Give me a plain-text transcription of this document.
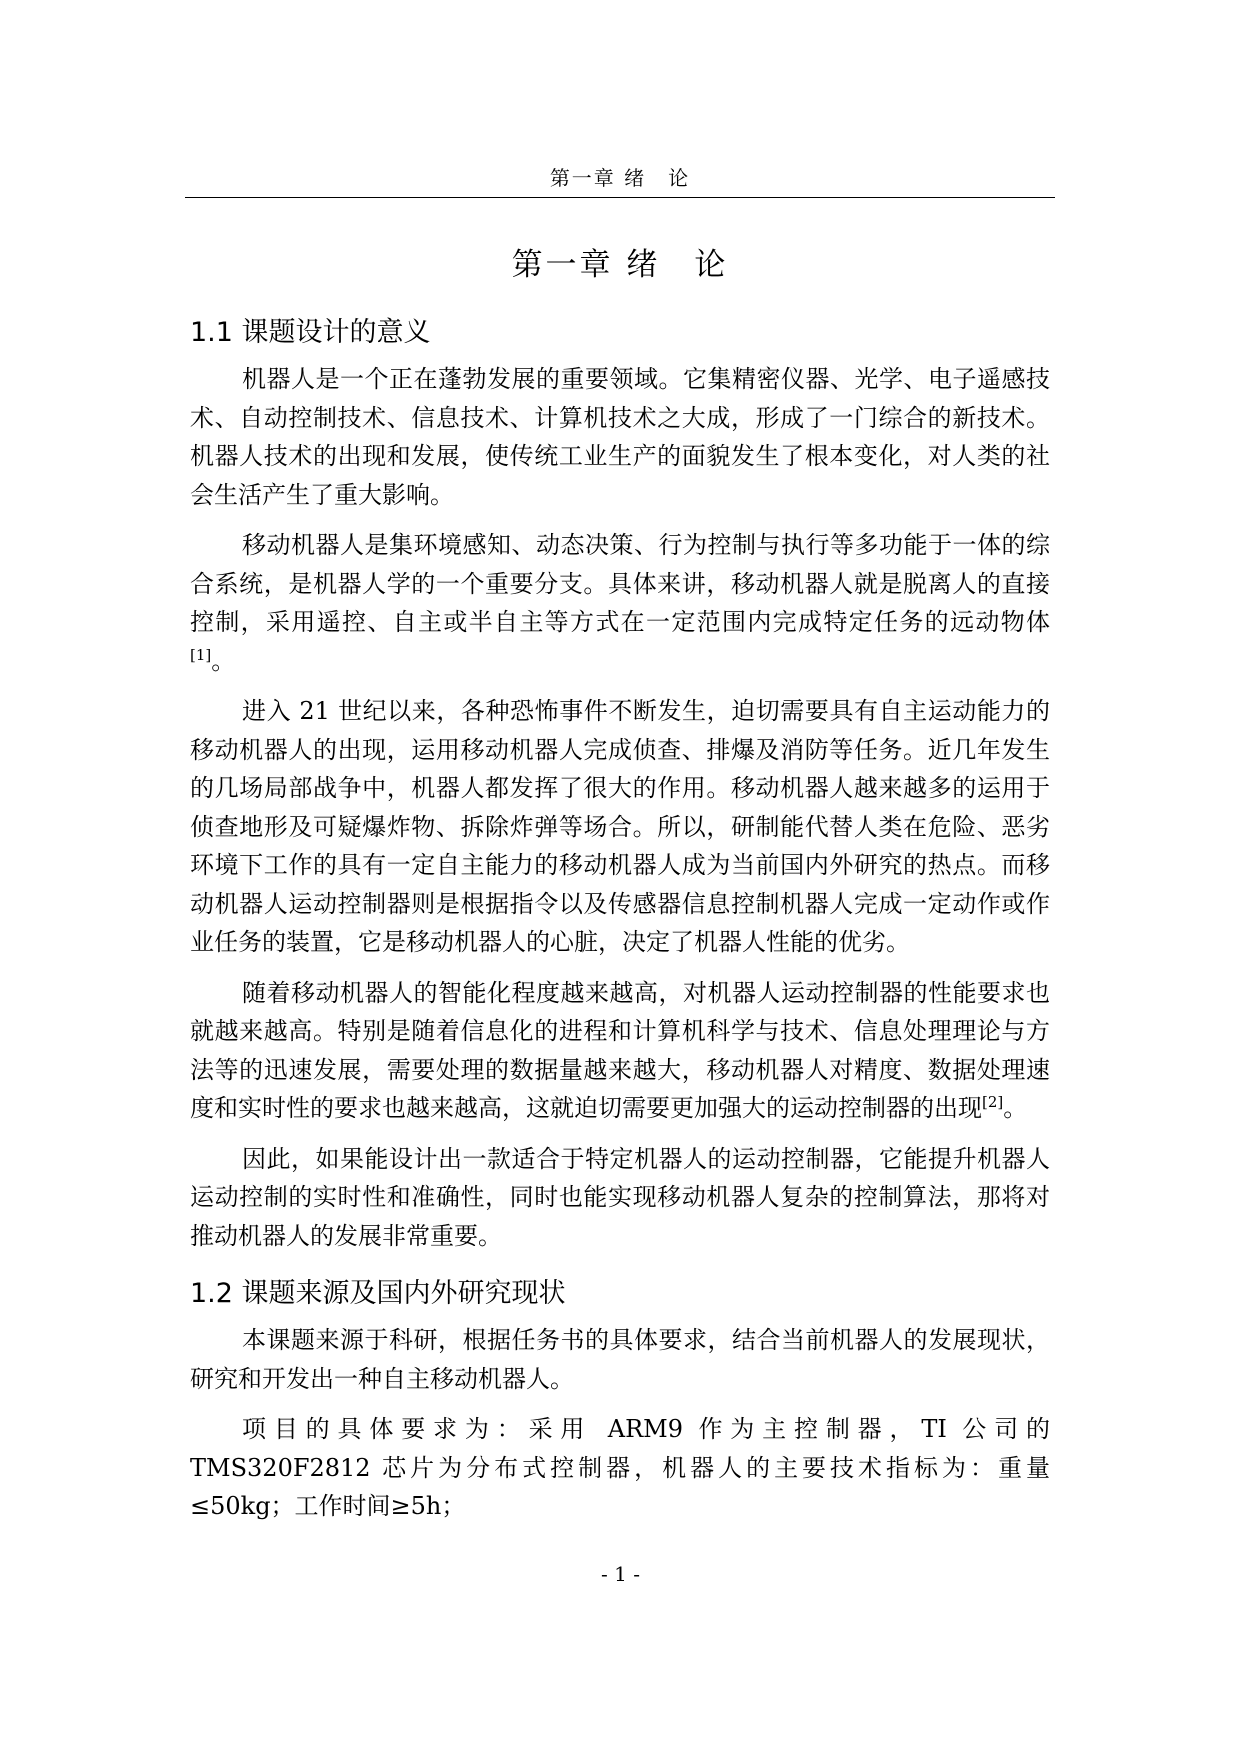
第一章 绪　论
第一章 绪　论
1.1 课题设计的意义

机器人是一个正在蓬勃发展的重要领域。它集精密仪器、光学、电子遥感技术、自动控制技术、信息技术、计算机技术之大成，形成了一门综合的新技术。机器人技术的出现和发展，使传统工业生产的面貌发生了根本变化，对人类的社会生活产生了重大影响。

移动机器人是集环境感知、动态决策、行为控制与执行等多功能于一体的综合系统，是机器人学的一个重要分支。具体来讲，移动机器人就是脱离人的直接控制，采用遥控、自主或半自主等方式在一定范围内完成特定任务的远动物体[1]。

进入 21 世纪以来，各种恐怖事件不断发生，迫切需要具有自主运动能力的移动机器人的出现，运用移动机器人完成侦查、排爆及消防等任务。近几年发生的几场局部战争中，机器人都发挥了很大的作用。移动机器人越来越多的运用于侦查地形及可疑爆炸物、拆除炸弹等场合。所以，研制能代替人类在危险、恶劣环境下工作的具有一定自主能力的移动机器人成为当前国内外研究的热点。而移动机器人运动控制器则是根据指令以及传感器信息控制机器人完成一定动作或作业任务的装置，它是移动机器人的心脏，决定了机器人性能的优劣。

随着移动机器人的智能化程度越来越高，对机器人运动控制器的性能要求也就越来越高。特别是随着信息化的进程和计算机科学与技术、信息处理理论与方法等的迅速发展，需要处理的数据量越来越大，移动机器人对精度、数据处理速度和实时性的要求也越来越高，这就迫切需要更加强大的运动控制器的出现[2]。

因此，如果能设计出一款适合于特定机器人的运动控制器，它能提升机器人运动控制的实时性和准确性，同时也能实现移动机器人复杂的控制算法，那将对推动机器人的发展非常重要。

1.2 课题来源及国内外研究现状

本课题来源于科研，根据任务书的具体要求，结合当前机器人的发展现状，研究和开发出一种自主移动机器人。

项目的具体要求为：采用 ARM9 作为主控制器，TI 公司的 TMS320F2812 芯片为分布式控制器，机器人的主要技术指标为：重量≤50kg；工作时间≥5h；

- 1 -
